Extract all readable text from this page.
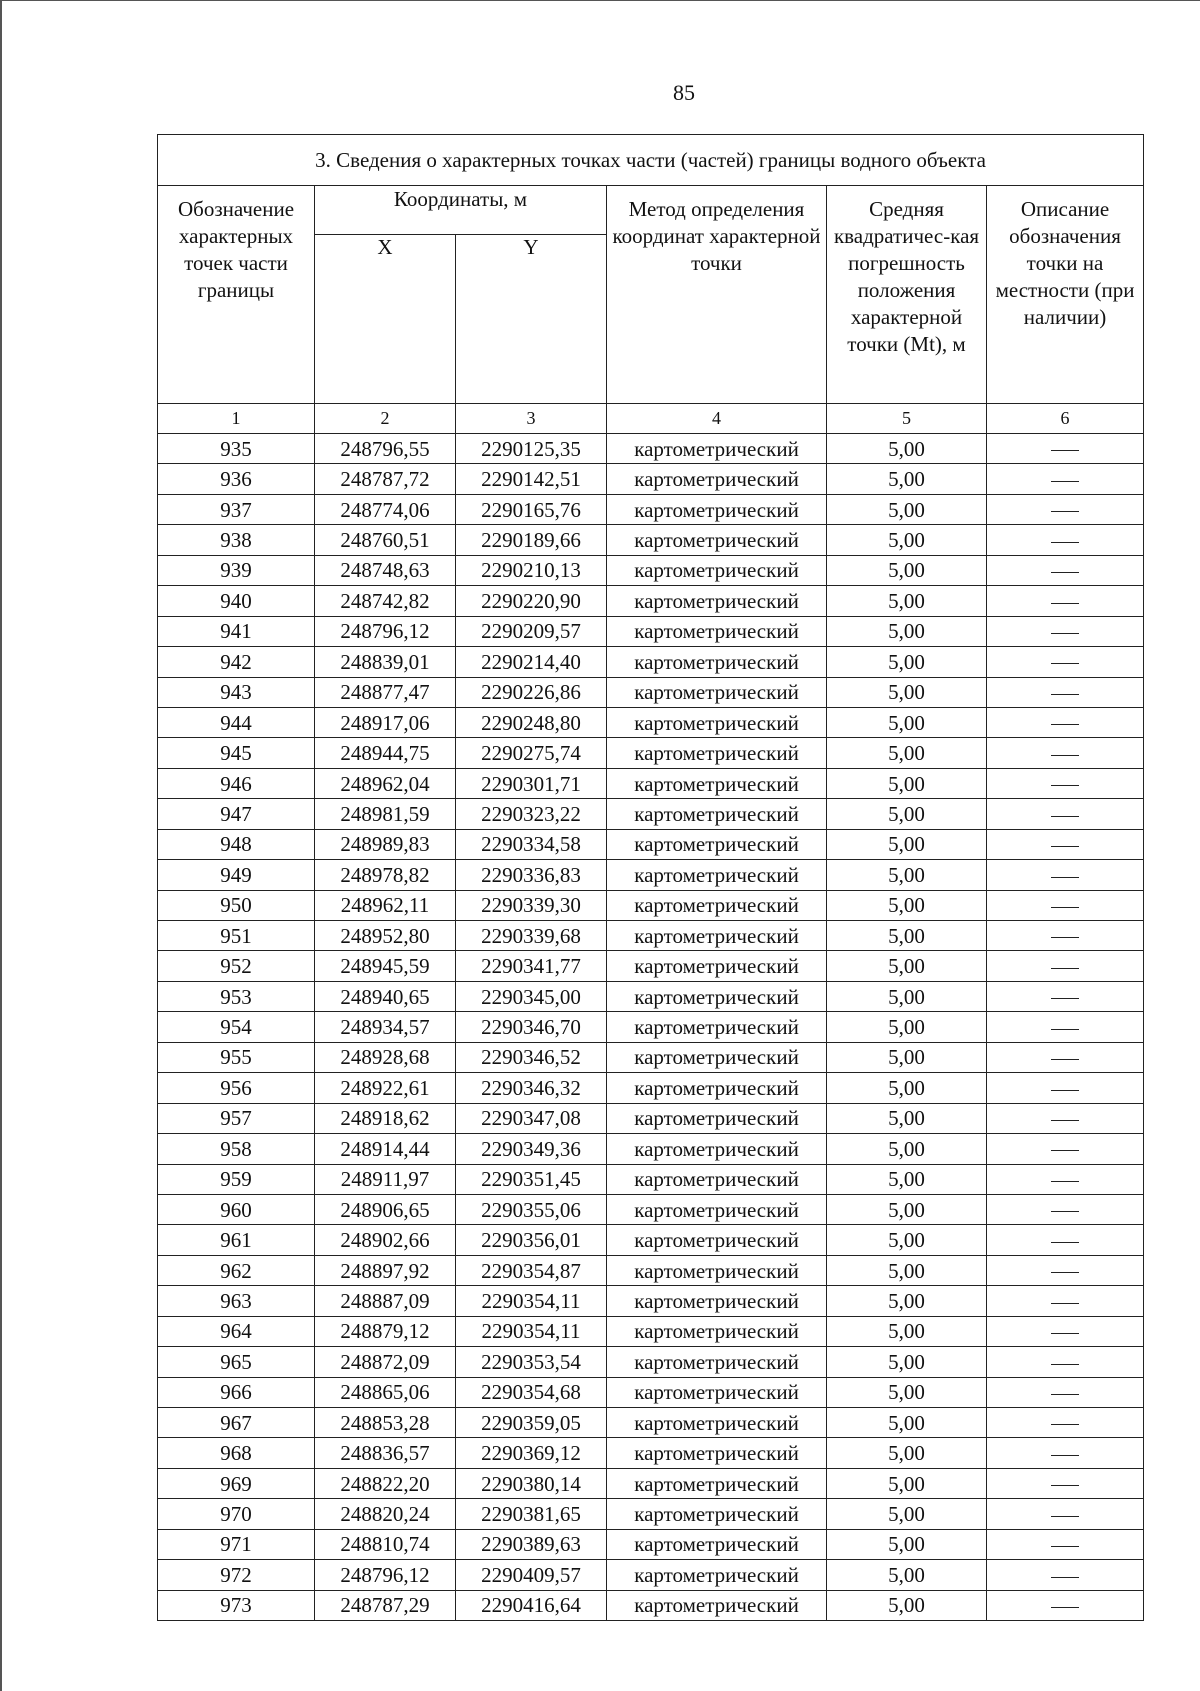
85
3. Сведения о характерных точках части (частей) границы водного объекта					
Обозначение характерных точек части границы	Координаты, м		Метод определения координат характерной точки	Средняя квадратичес-кая погрешность положения характерной точки (Mt), м	Описание обозначения точки на местности (при наличии)
	X	Y			
1	2	3	4	5	6
935	248796,55	2290125,35	картометрический	5,00	
936	248787,72	2290142,51	картометрический	5,00	
937	248774,06	2290165,76	картометрический	5,00	
938	248760,51	2290189,66	картометрический	5,00	
939	248748,63	2290210,13	картометрический	5,00	
940	248742,82	2290220,90	картометрический	5,00	
941	248796,12	2290209,57	картометрический	5,00	
942	248839,01	2290214,40	картометрический	5,00	
943	248877,47	2290226,86	картометрический	5,00	
944	248917,06	2290248,80	картометрический	5,00	
945	248944,75	2290275,74	картометрический	5,00	
946	248962,04	2290301,71	картометрический	5,00	
947	248981,59	2290323,22	картометрический	5,00	
948	248989,83	2290334,58	картометрический	5,00	
949	248978,82	2290336,83	картометрический	5,00	
950	248962,11	2290339,30	картометрический	5,00	
951	248952,80	2290339,68	картометрический	5,00	
952	248945,59	2290341,77	картометрический	5,00	
953	248940,65	2290345,00	картометрический	5,00	
954	248934,57	2290346,70	картометрический	5,00	
955	248928,68	2290346,52	картометрический	5,00	
956	248922,61	2290346,32	картометрический	5,00	
957	248918,62	2290347,08	картометрический	5,00	
958	248914,44	2290349,36	картометрический	5,00	
959	248911,97	2290351,45	картометрический	5,00	
960	248906,65	2290355,06	картометрический	5,00	
961	248902,66	2290356,01	картометрический	5,00	
962	248897,92	2290354,87	картометрический	5,00	
963	248887,09	2290354,11	картометрический	5,00	
964	248879,12	2290354,11	картометрический	5,00	
965	248872,09	2290353,54	картометрический	5,00	
966	248865,06	2290354,68	картометрический	5,00	
967	248853,28	2290359,05	картометрический	5,00	
968	248836,57	2290369,12	картометрический	5,00	
969	248822,20	2290380,14	картометрический	5,00	
970	248820,24	2290381,65	картометрический	5,00	
971	248810,74	2290389,63	картометрический	5,00	
972	248796,12	2290409,57	картометрический	5,00	
973	248787,29	2290416,64	картометрический	5,00	
